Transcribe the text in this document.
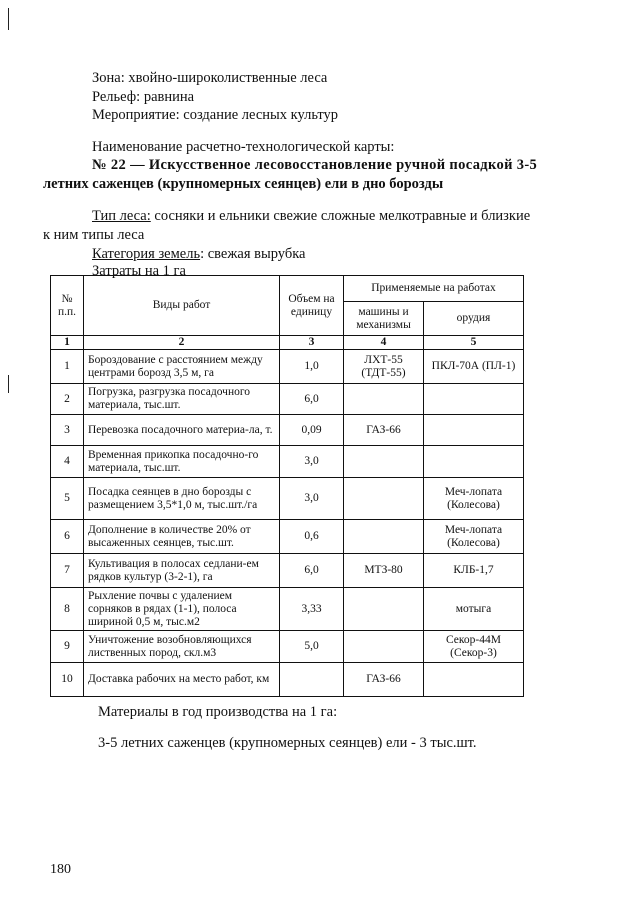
Зона: хвойно-широколиственные леса
Рельеф: равнина
Мероприятие: создание лесных культур
Наименование расчетно-технологической карты:
№ 22 — Искусственное лесовосстановление ручной посадкой 3-5
летних саженцев (крупномерных сеянцев) ели в дно борозды
Тип леса: сосняки и ельники свежие сложные мелкотравные и близкие
к ним типы леса
Категория земель: свежая вырубка
Затраты на 1 га
№ п.п.	Виды работ	Объем на единицу	Применяемые на работах	
			машины и механизмы	орудия
1	2	3	4	5
1	Бороздование с расстоянием между центрами борозд 3,5 м, га	1,0	ЛХТ-55 (ТДТ-55)	ПКЛ-70А (ПЛ-1)
2	Погрузка, разгрузка посадочного материала, тыс.шт.	6,0		
3	Перевозка посадочного материа-ла, т.	0,09	ГАЗ-66	
4	Временная прикопка посадочно-го материала, тыс.шт.	3,0		
5	Посадка сеянцев в дно борозды с размещением 3,5*1,0 м, тыс.шт./га	3,0		Меч-лопата (Колесова)
6	Дополнение в количестве 20% от высаженных сеянцев, тыс.шт.	0,6		Меч-лопата (Колесова)
7	Культивация в полосах седлани-ем рядков культур (3-2-1), га	6,0	МТЗ-80	КЛБ-1,7
8	Рыхление почвы с удалением сорняков в рядах (1-1), полоса шириной 0,5 м, тыс.м2	3,33		мотыга
9	Уничтожение возобновляющихся лиственных пород, скл.м3	5,0		Секор-44М (Секор-3)
10	Доставка рабочих на место работ, км		ГАЗ-66	
Материалы в год производства на 1 га:
3-5 летних саженцев (крупномерных сеянцев) ели - 3 тыс.шт.
180
